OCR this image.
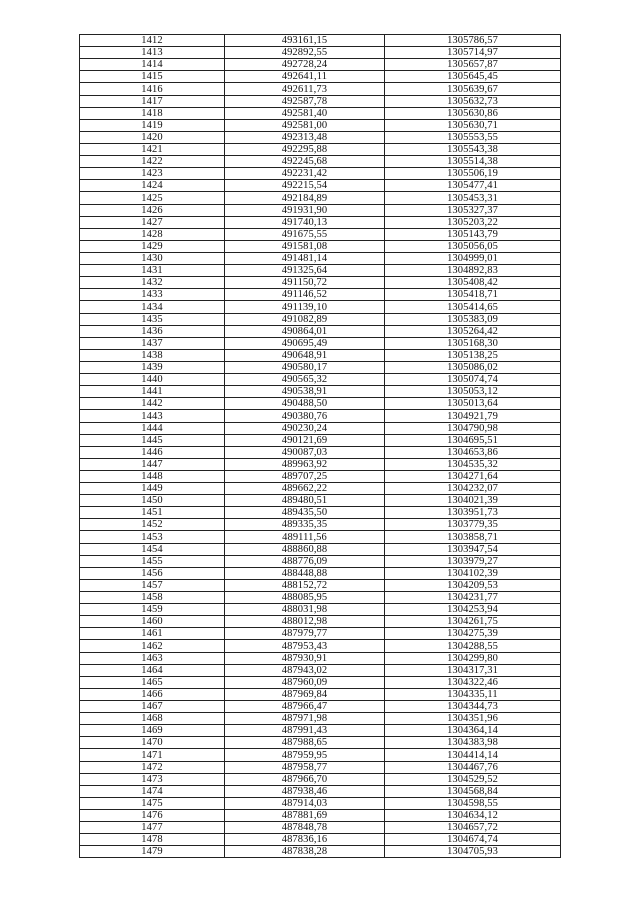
1412	493161,15	1305786,57
1413	492892,55	1305714,97
1414	492728,24	1305657,87
1415	492641,11	1305645,45
1416	492611,73	1305639,67
1417	492587,78	1305632,73
1418	492581,40	1305630,86
1419	492581,00	1305630,71
1420	492313,48	1305553,55
1421	492295,88	1305543,38
1422	492245,68	1305514,38
1423	492231,42	1305506,19
1424	492215,54	1305477,41
1425	492184,89	1305453,31
1426	491931,90	1305327,37
1427	491740,13	1305203,22
1428	491675,55	1305143,79
1429	491581,08	1305056,05
1430	491481,14	1304999,01
1431	491325,64	1304892,83
1432	491150,72	1305408,42
1433	491146,52	1305418,71
1434	491139,10	1305414,65
1435	491082,89	1305383,09
1436	490864,01	1305264,42
1437	490695,49	1305168,30
1438	490648,91	1305138,25
1439	490580,17	1305086,02
1440	490565,32	1305074,74
1441	490538,91	1305053,12
1442	490488,50	1305013,64
1443	490380,76	1304921,79
1444	490230,24	1304790,98
1445	490121,69	1304695,51
1446	490087,03	1304653,86
1447	489963,92	1304535,32
1448	489707,25	1304271,64
1449	489662,22	1304232,07
1450	489480,51	1304021,39
1451	489435,50	1303951,73
1452	489335,35	1303779,35
1453	489111,56	1303858,71
1454	488860,88	1303947,54
1455	488776,09	1303979,27
1456	488448,88	1304102,39
1457	488152,72	1304209,53
1458	488085,95	1304231,77
1459	488031,98	1304253,94
1460	488012,98	1304261,75
1461	487979,77	1304275,39
1462	487953,43	1304288,55
1463	487930,91	1304299,80
1464	487943,02	1304317,31
1465	487960,09	1304322,46
1466	487969,84	1304335,11
1467	487966,47	1304344,73
1468	487971,98	1304351,96
1469	487991,43	1304364,14
1470	487988,65	1304383,98
1471	487959,95	1304414,14
1472	487958,77	1304467,76
1473	487966,70	1304529,52
1474	487938,46	1304568,84
1475	487914,03	1304598,55
1476	487881,69	1304634,12
1477	487848,78	1304657,72
1478	487836,16	1304674,74
1479	487838,28	1304705,93
